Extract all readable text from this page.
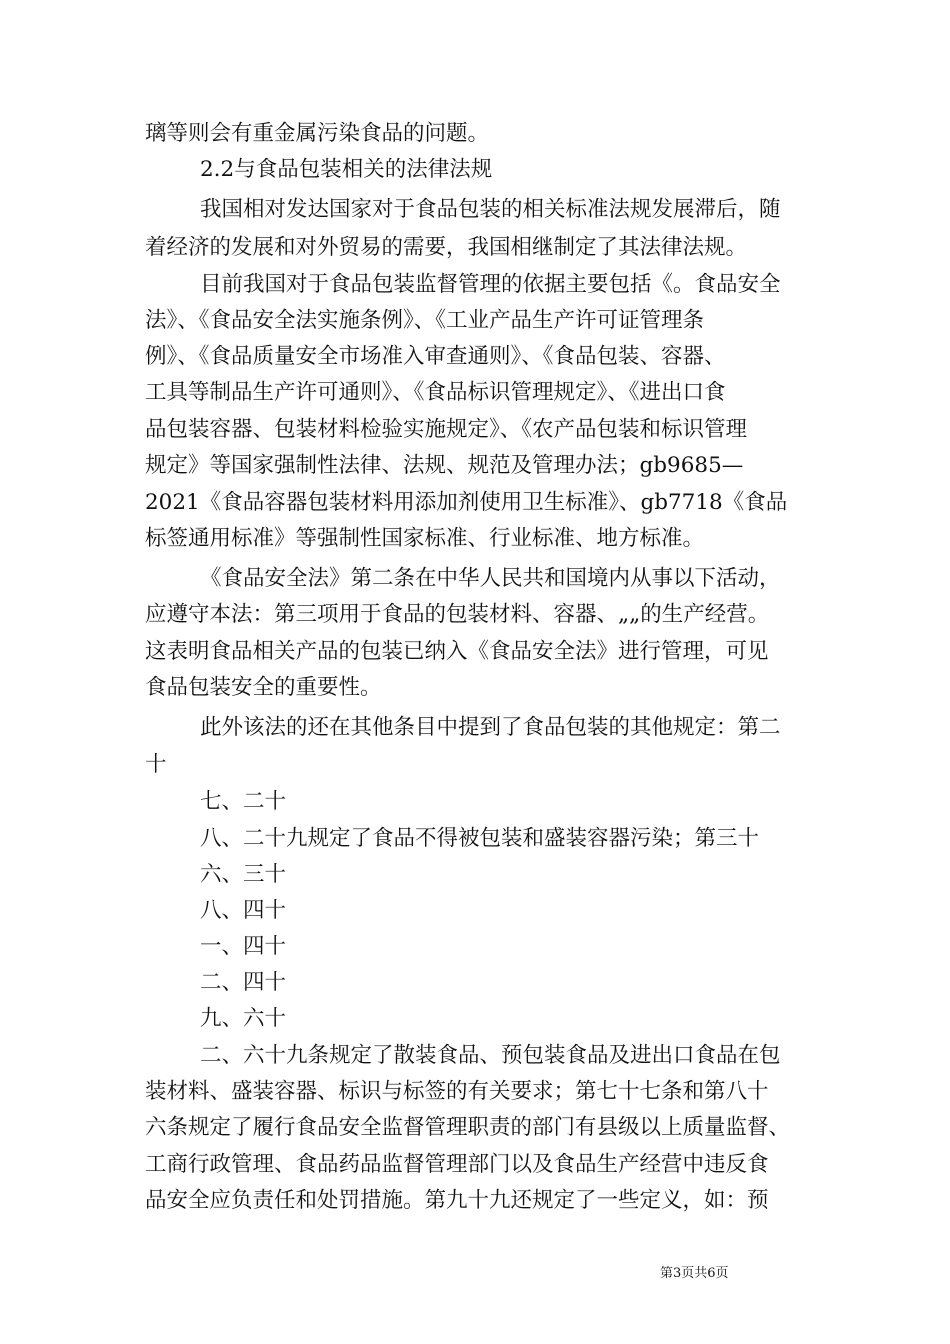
璃等则会有重金属污染食品的问题。
2.2与食品包装相关的法律法规
我国相对发达国家对于食品包装的相关标准法规发展滞后，随
着经济的发展和对外贸易的需要，我国相继制定了其法律法规。
目前我国对于食品包装监督管理的依据主要包括《。食品安全
法》、《食品安全法实施条例》、《工业产品生产许可证管理条
例》、《食品质量安全市场准入审查通则》、《食品包装、容器、
工具等制品生产许可通则》、《食品标识管理规定》、《进出口食
品包装容器、包装材料检验实施规定》、《农产品包装和标识管理
规定》等国家强制性法律、法规、规范及管理办法；gb9685—
2021《食品容器包装材料用添加剂使用卫生标准》、gb7718《食品
标签通用标准》等强制性国家标准、行业标准、地方标准。
《食品安全法》第二条在中华人民共和国境内从事以下活动，
应遵守本法：第三项用于食品的包装材料、容器、„„的生产经营。
这表明食品相关产品的包装已纳入《食品安全法》进行管理，可见
食品包装安全的重要性。
此外该法的还在其他条目中提到了食品包装的其他规定：第二
十
七、二十
八、二十九规定了食品不得被包装和盛装容器污染；第三十
六、三十
八、四十
一、四十
二、四十
九、六十
二、六十九条规定了散装食品、预包装食品及进出口食品在包
装材料、盛装容器、标识与标签的有关要求；第七十七条和第八十
六条规定了履行食品安全监督管理职责的部门有县级以上质量监督、
工商行政管理、食品药品监督管理部门以及食品生产经营中违反食
品安全应负责任和处罚措施。第九十九还规定了一些定义，如：预
第3页共6页
